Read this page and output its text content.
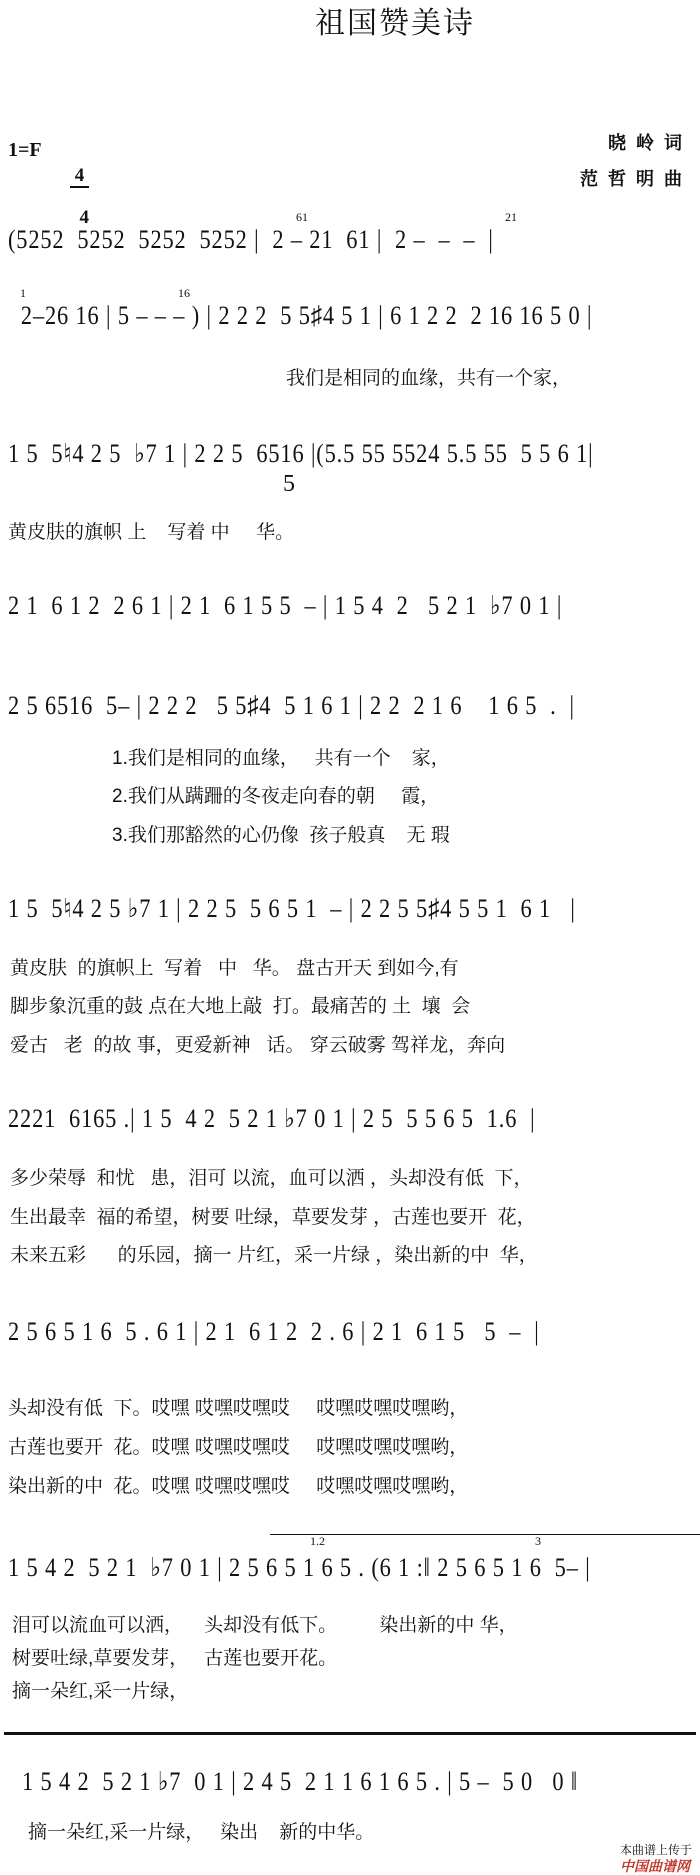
祖国赞美诗
1=F

4

4

晓岭词
范哲明曲
61	21
(5252  5252  5252  5252 |  2 – 21  61 |  2 –  –  –  |
1	16
2–26 16 | 5 – – – ) | 2 2 2  5 5♯4 5 1 | 6 1 2 2  2 16 16 5 0 |
我们是相同的血缘，共有一个家，
1 5  5♮4 2 5  ♭7 1 | 2 2 5  6516 |(5.5 55 5524 5.5 55  5 5 6 1|
5
黄皮肤的旗帜 上    写着 中     华。
2 1  6 1 2  2 6 1 | 2 1  6 1 5 5  – | 1 5 4  2   5 2 1  ♭7 0 1 |
2 5 6516  5– | 2 2 2   5 5♯4  5 1 6 1 | 2 2  2 1 6    1 6 5  .  |
1.我们是相同的血缘，   共有一个    家，
2.我们从蹒跚的冬夜走向春的朝     霞，
3.我们那豁然的心仍像  孩子般真    无 瑕
1 5  5♮4 2 5 ♭7 1 | 2 2 5  5 6 5 1  – | 2 2 5 5♯4 5 5 1  6 1   |
黄皮肤  的旗帜上  写着   中   华。 盘古开天 到如今,有
脚步象沉重的鼓 点在大地上敲  打。最痛苦的 土  壤  会
爱古   老  的故 事，更爱新神   话。 穿云破雾 驾祥龙，奔向
2221  6165 .| 1 5  4 2  5 2 1 ♭7 0 1 | 2 5  5 5 6 5  1.6  |
多少荣辱  和忧   患，泪可 以流，血可以洒 ，头却没有低  下，
生出最幸  福的希望，树要 吐绿，草要发芽 ，古莲也要开  花，
未来五彩      的乐园，摘一 片红，采一片绿 ，染出新的中  华，
2 5 6 5 1 6  5 . 6 1 | 2 1  6 1 2  2 . 6 | 2 1  6 1 5   5  –  |
头却没有低  下。哎嘿 哎嘿哎嘿哎     哎嘿哎嘿哎嘿哟，
古莲也要开  花。哎嘿 哎嘿哎嘿哎     哎嘿哎嘿哎嘿哟，
染出新的中  花。哎嘿 哎嘿哎嘿哎     哎嘿哎嘿哎嘿哟，
1.2	3
1 5 4 2  5 2 1  ♭7 0 1 | 2 5 6 5 1 6 5 . (6 1 :‖ 2 5 6 5 1 6  5– |
泪可以流血可以洒，    头却没有低下。        染出新的中 华，
树要吐绿,草要发芽，   古莲也要开花。
摘一朵红,采一片绿，
1 5 4 2  5 2 1 ♭7  0 1 | 2 4 5  2 1 1 6 1 6 5 . | 5 –  5 0   0 ‖
摘一朵红,采一片绿，   染出    新的中华。

本曲谱上传于
中国曲谱网
